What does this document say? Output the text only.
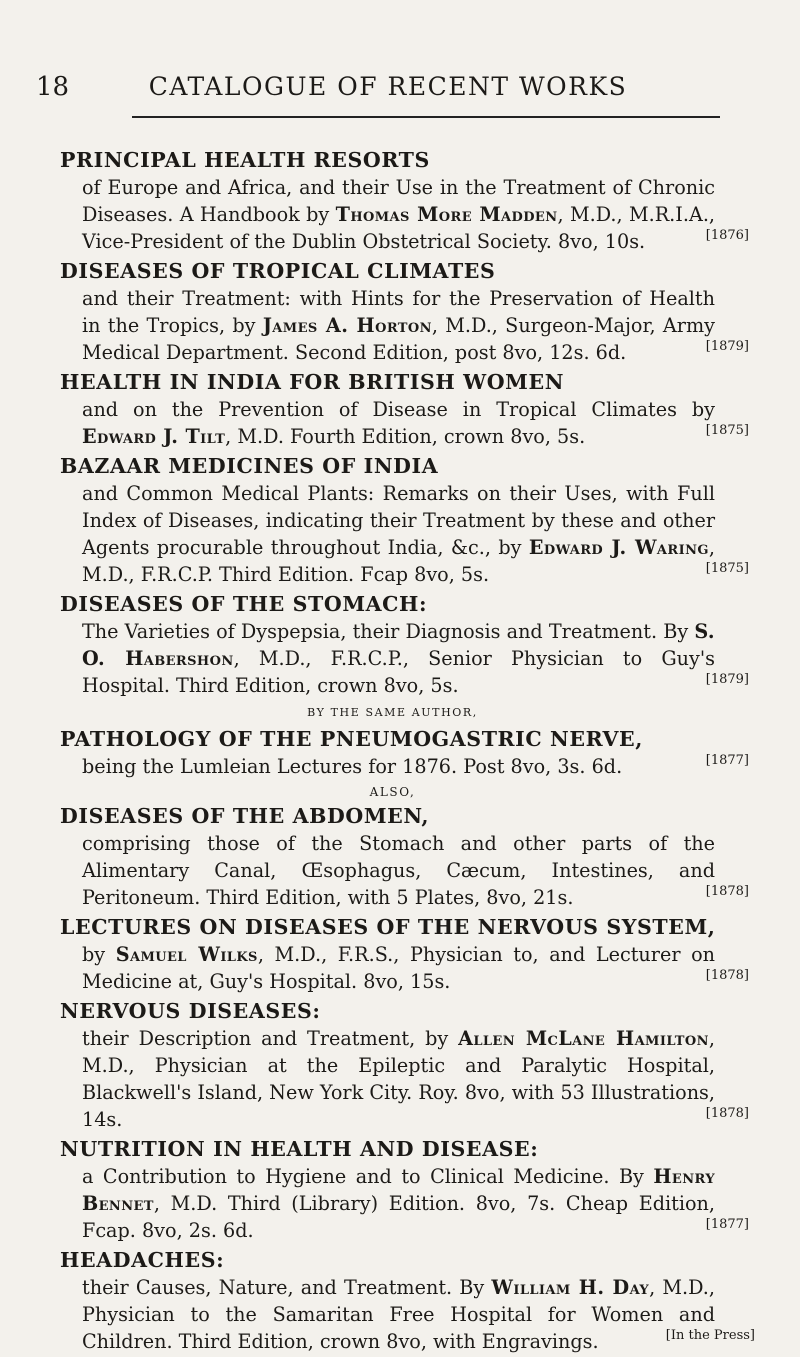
18	CATALOGUE OF RECENT WORKS
PRINCIPAL HEALTH RESORTS
of Europe and Africa, and their Use in the Treatment of Chronic Diseases. A Handbook by Thomas More Madden, M.D., M.R.I.A., Vice-President of the Dublin Obstetrical Society. 8vo, 10s.	[1876]
DISEASES OF TROPICAL CLIMATES
and their Treatment: with Hints for the Preservation of Health in the Tropics, by James A. Horton, M.D., Surgeon-Major, Army Medical Department. Second Edition, post 8vo, 12s. 6d.	[1879]
HEALTH IN INDIA FOR BRITISH WOMEN
and on the Prevention of Disease in Tropical Climates by Edward J. Tilt, M.D. Fourth Edition, crown 8vo, 5s.	[1875]
BAZAAR MEDICINES OF INDIA
and Common Medical Plants: Remarks on their Uses, with Full Index of Diseases, indicating their Treatment by these and other Agents procurable throughout India, &c., by Edward J. Waring, M.D., F.R.C.P. Third Edition. Fcap 8vo, 5s.	[1875]
DISEASES OF THE STOMACH:
The Varieties of Dyspepsia, their Diagnosis and Treatment. By S. O. Habershon, M.D., F.R.C.P., Senior Physician to Guy's Hospital. Third Edition, crown 8vo, 5s.	[1879]
BY THE SAME AUTHOR,
PATHOLOGY OF THE PNEUMOGASTRIC NERVE,
being the Lumleian Lectures for 1876. Post 8vo, 3s. 6d.	[1877]
ALSO,
DISEASES OF THE ABDOMEN,
comprising those of the Stomach and other parts of the Alimentary Canal, Œsophagus, Cæcum, Intestines, and Peritoneum. Third Edition, with 5 Plates, 8vo, 21s.	[1878]
LECTURES ON DISEASES OF THE NERVOUS SYSTEM,
by Samuel Wilks, M.D., F.R.S., Physician to, and Lecturer on Medicine at, Guy's Hospital. 8vo, 15s.	[1878]
NERVOUS DISEASES:
their Description and Treatment, by Allen McLane Hamilton, M.D., Physician at the Epileptic and Paralytic Hospital, Blackwell's Island, New York City. Roy. 8vo, with 53 Illustrations, 14s.	[1878]
NUTRITION IN HEALTH AND DISEASE:
a Contribution to Hygiene and to Clinical Medicine. By Henry Bennet, M.D. Third (Library) Edition. 8vo, 7s. Cheap Edition, Fcap. 8vo, 2s. 6d.	[1877]
HEADACHES:
their Causes, Nature, and Treatment. By William H. Day, M.D., Physician to the Samaritan Free Hospital for Women and Children. Third Edition, crown 8vo, with Engravings.	[In the Press]
